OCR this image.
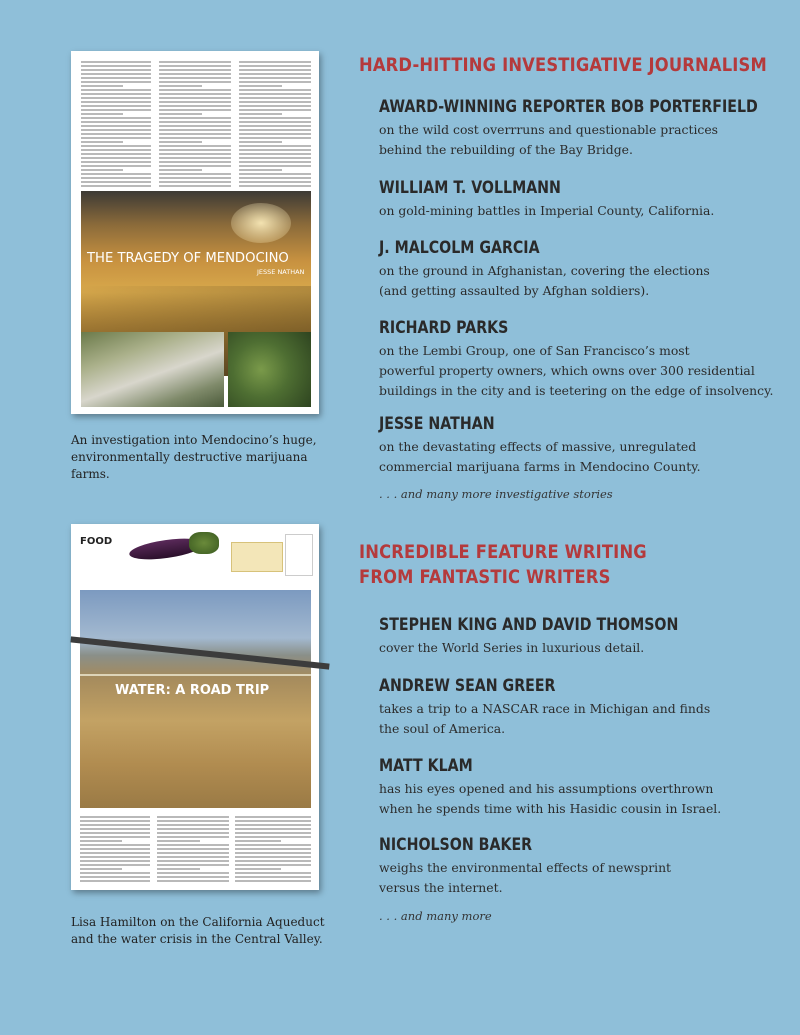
THE TRAGEDY OF MENDOCINO
JESSE NATHAN
An investigation into Mendocino’s huge,
environmentally destructive marijuana
farms.
FOOD
WATER: A ROAD TRIP
Lisa Hamilton on the California Aqueduct
and the water crisis in the Central Valley.
HARD-HITTING INVESTIGATIVE JOURNALISM
AWARD-WINNING REPORTER BOB PORTERFIELD

on the wild cost overrruns and questionable practices
behind the rebuilding of the Bay Bridge.

WILLIAM T. VOLLMANN

on gold-mining battles in Imperial County, California.

J. MALCOLM GARCIA

on the ground in Afghanistan, covering the elections
(and getting assaulted by Afghan soldiers).

RICHARD PARKS

on the Lembi Group, one of San Francisco’s most
powerful property owners, which owns over 300 residential
buildings in the city and is teetering on the edge of insolvency.

JESSE NATHAN

on the devastating effects of massive, unregulated
commercial marijuana farms in Mendocino County.

. . . and many more investigative stories
INCREDIBLE FEATURE WRITING
FROM FANTASTIC WRITERS
STEPHEN KING AND DAVID THOMSON

cover the World Series in luxurious detail.

ANDREW SEAN GREER

takes a trip to a NASCAR race in Michigan and finds
the soul of America.

MATT KLAM

has his eyes opened and his assumptions overthrown
when he spends time with his Hasidic cousin in Israel.

NICHOLSON BAKER

weighs the environmental effects of newsprint
versus the internet.

. . . and many more
